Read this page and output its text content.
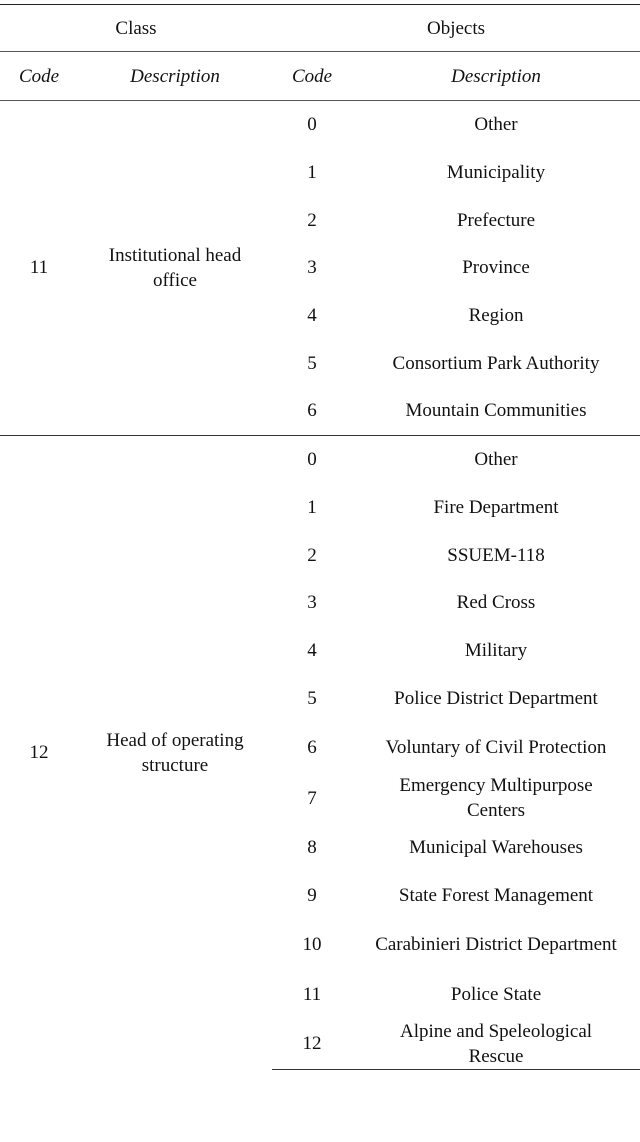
Class		Objects	
Code	Description	Code	Description
11	Institutional head office	0	Other
		1	Municipality
		2	Prefecture
		3	Province
		4	Region
		5	Consortium Park Authority
		6	Mountain Communities
12	Head of operating structure	0	Other
		1	Fire Department
		2	SSUEM-118
		3	Red Cross
		4	Military
		5	Police District Department
		6	Voluntary of Civil Protection
		7	Emergency Multipurpose Centers
		8	Municipal Warehouses
		9	State Forest Management
		10	Carabinieri District Department
		11	Police State
		12	Alpine and Speleological Rescue
